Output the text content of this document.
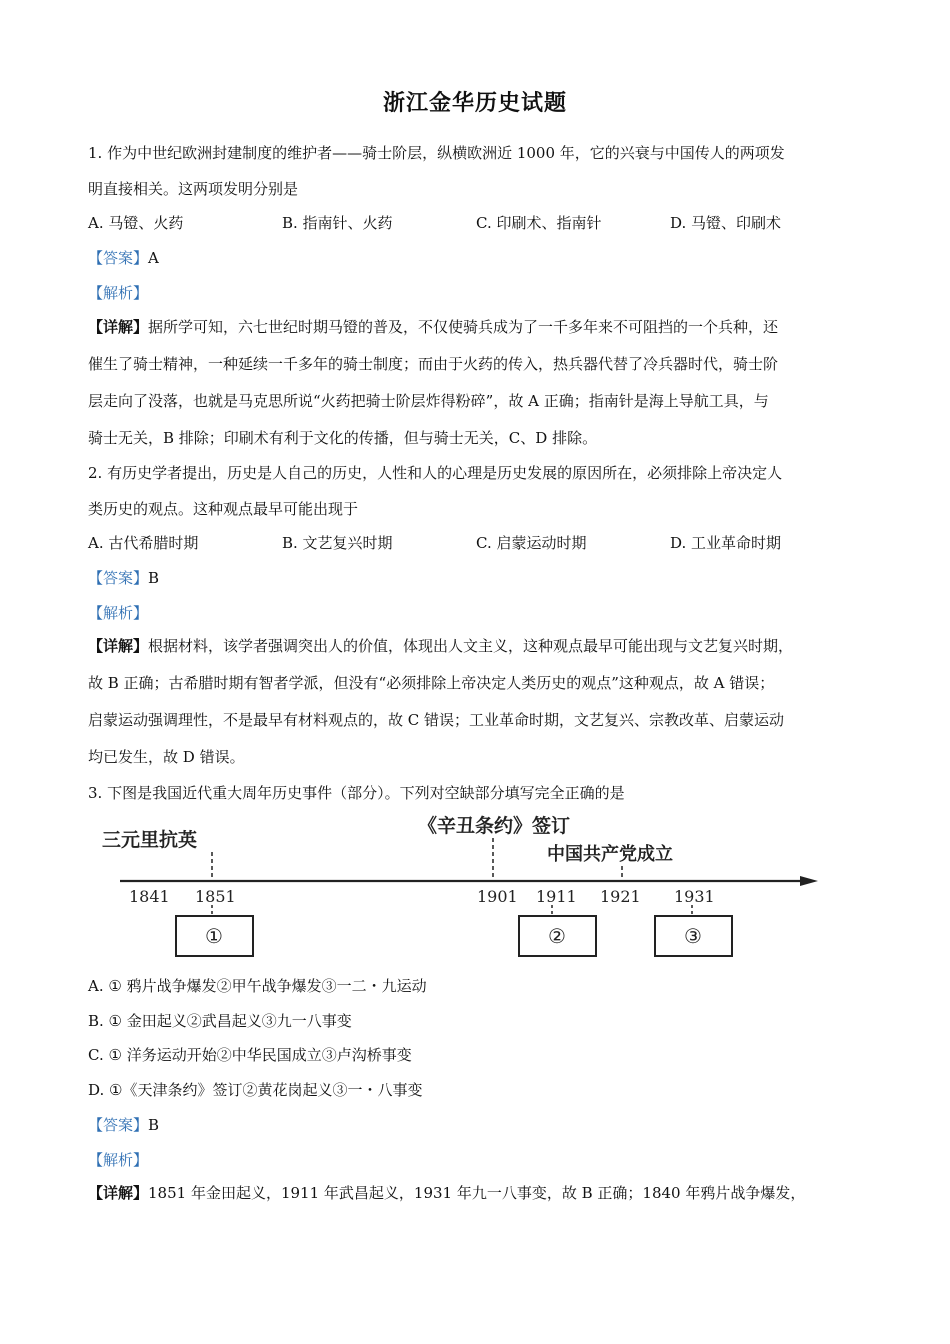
浙江金华历史试题
1. 作为中世纪欧洲封建制度的维护者——骑士阶层，纵横欧洲近 1000 年，它的兴衰与中国传人的两项发
明直接相关。这两项发明分别是
A. 马镫、火药	B. 指南针、火药	C. 印刷术、指南针	D. 马镫、印刷术
【答案】A
【解析】
【详解】据所学可知，六七世纪时期马镫的普及，不仅使骑兵成为了一千多年来不可阻挡的一个兵种，还
催生了骑士精神，一种延续一千多年的骑士制度；而由于火药的传入，热兵器代替了冷兵器时代，骑士阶
层走向了没落，也就是马克思所说“火药把骑士阶层炸得粉碎”，故 A 正确；指南针是海上导航工具，与
骑士无关，B 排除；印刷术有利于文化的传播，但与骑士无关，C、D 排除。
2. 有历史学者提出，历史是人自己的历史，人性和人的心理是历史发展的原因所在，必须排除上帝决定人
类历史的观点。这种观点最早可能出现于
A. 古代希腊时期	B. 文艺复兴时期	C. 启蒙运动时期	D. 工业革命时期
【答案】B
【解析】
【详解】根据材料，该学者强调突出人的价值，体现出人文主义，这种观点最早可能出现与文艺复兴时期，
故 B 正确；古希腊时期有智者学派，但没有“必须排除上帝决定人类历史的观点”这种观点，故 A 错误；
启蒙运动强调理性，不是最早有材料观点的，故 C 错误；工业革命时期，文艺复兴、宗教改革、启蒙运动
均已发生，故 D 错误。
3. 下图是我国近代重大周年历史事件（部分）。下列对空缺部分填写完全正确的是
三元里抗英
《辛丑条约》签订
中国共产党成立
1841 1851	1901 1911 1921 1931
①	②	③
A. ① 鸦片战争爆发②甲午战争爆发③一二・九运动
B. ① 金田起义②武昌起义③九一八事变
C. ① 洋务运动开始②中华民国成立③卢沟桥事变
D. ①《天津条约》签订②黄花岗起义③一・八事变
【答案】B
【解析】
【详解】1851 年金田起义，1911 年武昌起义，1931 年九一八事变，故 B 正确；1840 年鸦片战争爆发，
